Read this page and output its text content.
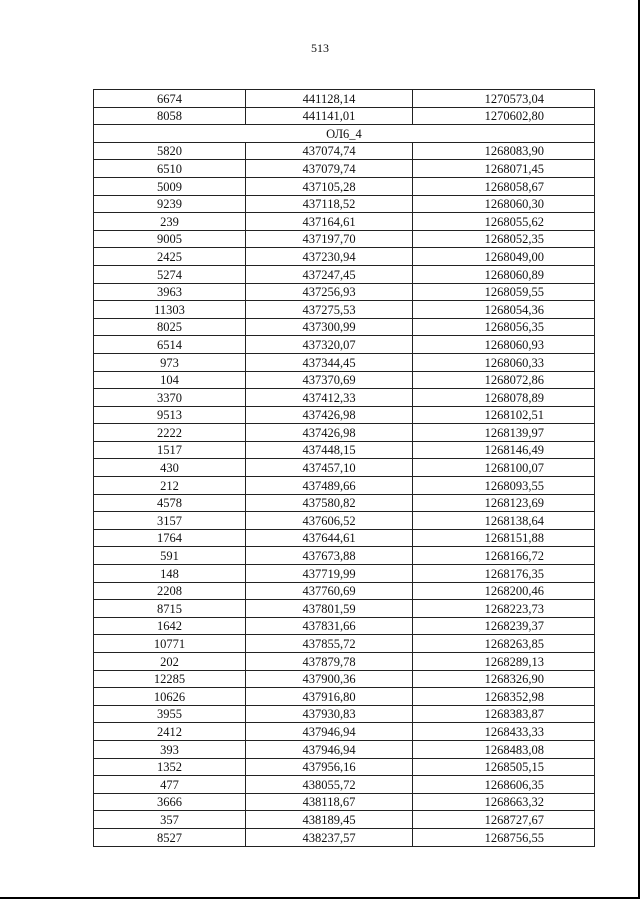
513
6674	441128,14	1270573,04
8058	441141,01	1270602,80
ОЛ6_4		
5820	437074,74	1268083,90
6510	437079,74	1268071,45
5009	437105,28	1268058,67
9239	437118,52	1268060,30
239	437164,61	1268055,62
9005	437197,70	1268052,35
2425	437230,94	1268049,00
5274	437247,45	1268060,89
3963	437256,93	1268059,55
11303	437275,53	1268054,36
8025	437300,99	1268056,35
6514	437320,07	1268060,93
973	437344,45	1268060,33
104	437370,69	1268072,86
3370	437412,33	1268078,89
9513	437426,98	1268102,51
2222	437426,98	1268139,97
1517	437448,15	1268146,49
430	437457,10	1268100,07
212	437489,66	1268093,55
4578	437580,82	1268123,69
3157	437606,52	1268138,64
1764	437644,61	1268151,88
591	437673,88	1268166,72
148	437719,99	1268176,35
2208	437760,69	1268200,46
8715	437801,59	1268223,73
1642	437831,66	1268239,37
10771	437855,72	1268263,85
202	437879,78	1268289,13
12285	437900,36	1268326,90
10626	437916,80	1268352,98
3955	437930,83	1268383,87
2412	437946,94	1268433,33
393	437946,94	1268483,08
1352	437956,16	1268505,15
477	438055,72	1268606,35
3666	438118,67	1268663,32
357	438189,45	1268727,67
8527	438237,57	1268756,55
